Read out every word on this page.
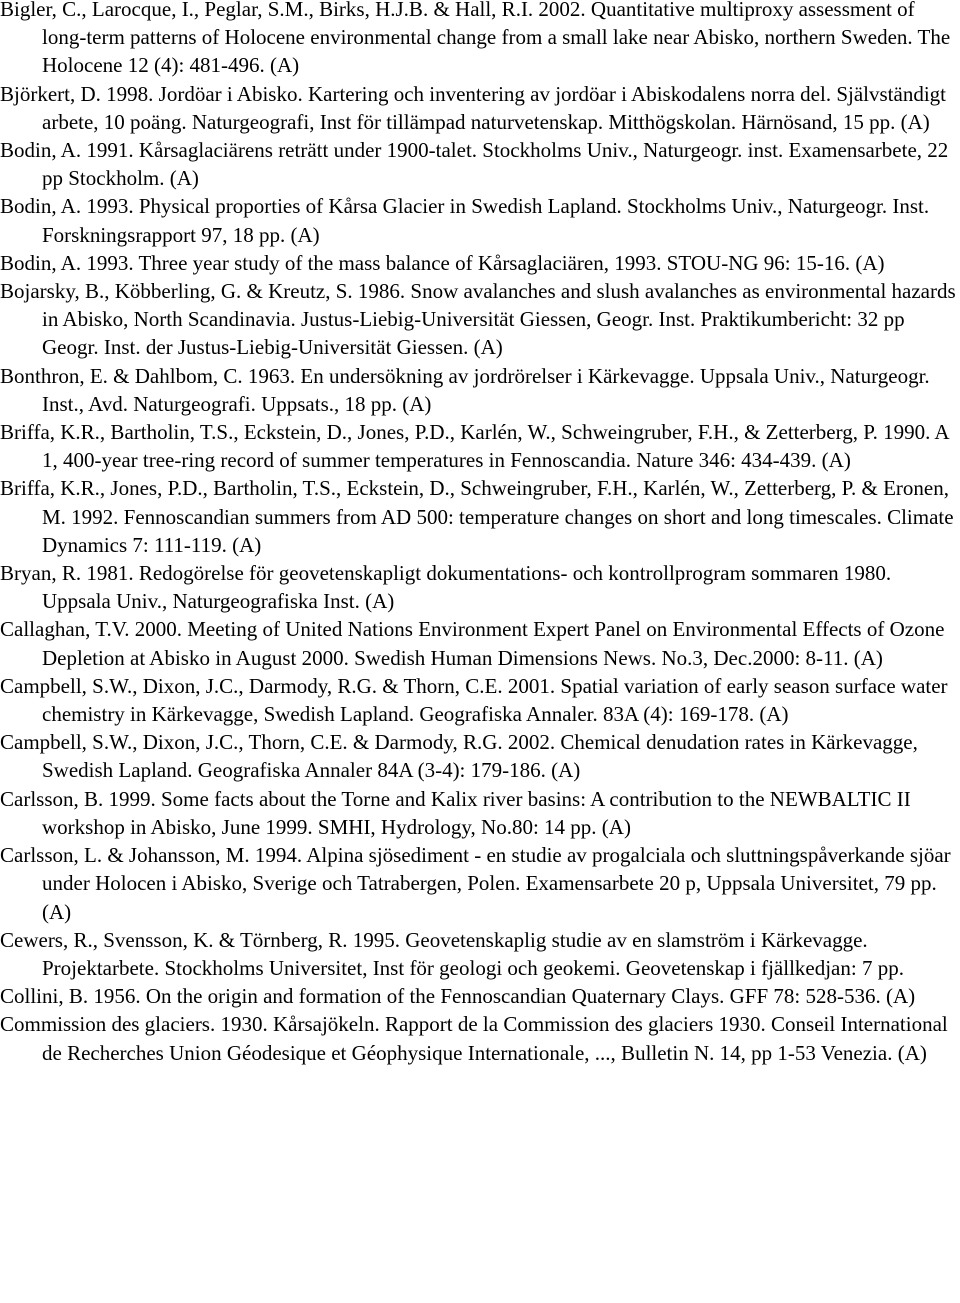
Bigler, C., Larocque, I., Peglar, S.M., Birks, H.J.B. & Hall, R.I. 2002. Quantitative multiproxy assessment of long-term patterns of Holocene environmental change from a small lake near Abisko, northern Sweden. The Holocene 12 (4): 481-496. (A)

Björkert, D. 1998. Jordöar i Abisko. Kartering och inventering av jordöar i Abiskodalens norra del. Självständigt arbete, 10 poäng. Naturgeografi, Inst för tillämpad naturvetenskap. Mitthögskolan. Härnösand, 15 pp. (A)

Bodin, A. 1991. Kårsaglaciärens reträtt under 1900-talet. Stockholms Univ., Naturgeogr. inst. Examensarbete, 22 pp Stockholm. (A)

Bodin, A. 1993. Physical proporties of Kårsa Glacier in Swedish Lapland. Stockholms Univ., Naturgeogr. Inst. Forskningsrapport 97, 18 pp. (A)

Bodin, A. 1993. Three year study of the mass balance of Kårsaglaciären, 1993. STOU-NG 96: 15-16. (A)

Bojarsky, B., Köbberling, G. & Kreutz, S. 1986. Snow avalanches and slush avalanches as environmental hazards in Abisko, North Scandinavia. Justus-Liebig-Universität Giessen, Geogr. Inst. Praktikumbericht: 32 pp Geogr. Inst. der Justus-Liebig-Universität Giessen. (A)

Bonthron, E. & Dahlbom, C. 1963. En undersökning av jordrörelser i Kärkevagge. Uppsala Univ., Naturgeogr. Inst., Avd. Naturgeografi. Uppsats., 18 pp. (A)

Briffa, K.R., Bartholin, T.S., Eckstein, D., Jones, P.D., Karlén, W., Schweingruber, F.H., & Zetterberg, P. 1990. A 1, 400-year tree-ring record of summer temperatures in Fennoscandia. Nature 346: 434-439. (A)

Briffa, K.R., Jones, P.D., Bartholin, T.S., Eckstein, D., Schweingruber, F.H., Karlén, W., Zetterberg, P. & Eronen, M. 1992. Fennoscandian summers from AD 500: temperature changes on short and long timescales. Climate Dynamics 7: 111-119. (A)

Bryan, R. 1981. Redogörelse för geovetenskapligt dokumentations- och kontrollprogram sommaren 1980. Uppsala Univ., Naturgeografiska Inst. (A)

Callaghan, T.V. 2000. Meeting of United Nations Environment Expert Panel on Environmental Effects of Ozone Depletion at Abisko in August 2000. Swedish Human Dimensions News. No.3, Dec.2000: 8-11. (A)

Campbell, S.W., Dixon, J.C., Darmody, R.G. & Thorn, C.E. 2001. Spatial variation of early season surface water chemistry in Kärkevagge, Swedish Lapland. Geografiska Annaler. 83A (4): 169-178. (A)

Campbell, S.W., Dixon, J.C., Thorn, C.E. & Darmody, R.G. 2002. Chemical denudation rates in Kärkevagge, Swedish Lapland. Geografiska Annaler 84A (3-4): 179-186. (A)

Carlsson, B. 1999. Some facts about the Torne and Kalix river basins: A contribution to the NEWBALTIC II workshop in Abisko, June 1999. SMHI, Hydrology, No.80: 14 pp. (A)

Carlsson, L. & Johansson, M. 1994. Alpina sjösediment - en studie av progalciala och sluttningspåverkande sjöar under Holocen i Abisko, Sverige och Tatrabergen, Polen. Examensarbete 20 p, Uppsala Universitet, 79 pp. (A)

Cewers, R., Svensson, K. & Törnberg, R. 1995. Geovetenskaplig studie av en slamström i Kärkevagge. Projektarbete. Stockholms Universitet, Inst för geologi och geokemi. Geovetenskap i fjällkedjan: 7 pp.

Collini, B. 1956. On the origin and formation of the Fennoscandian Quaternary Clays. GFF 78: 528-536. (A)

Commission des glaciers. 1930. Kårsajökeln. Rapport de la Commission des glaciers 1930. Conseil International de Recherches Union Géodesique et Géophysique Internationale, ..., Bulletin N. 14, pp 1-53 Venezia. (A)
